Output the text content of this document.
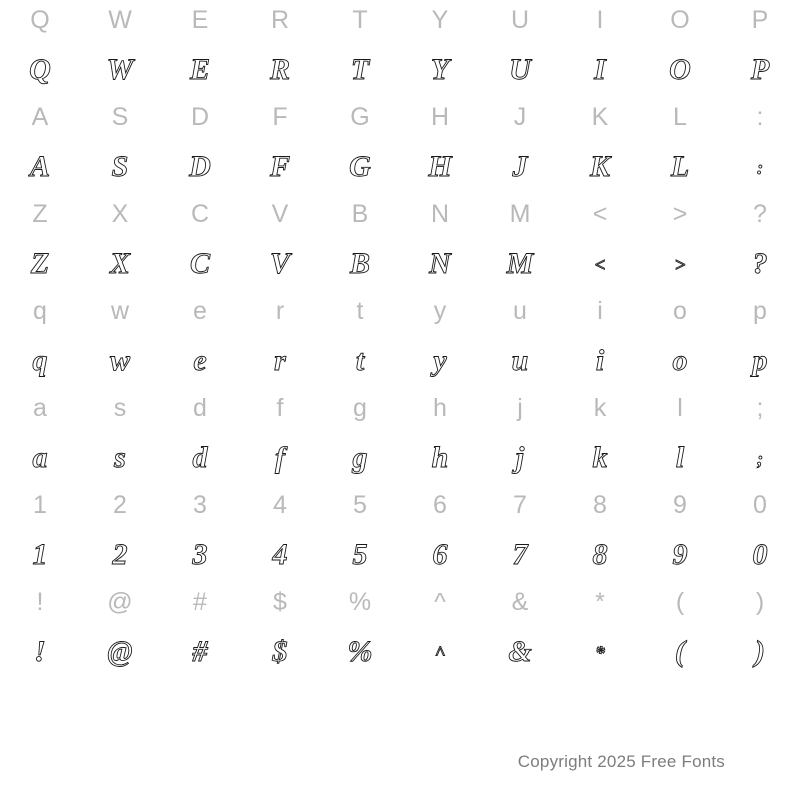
Q
Q
W
W
E
E
R
R
T
T
Y
Y
U
U
I
I
O
O
P
P
A
A
S
S
D
D
F
F
G
G
H
H
J
J
K
K
L
L
:
:
Z
Z
X
X
C
C
V
V
B
B
N
N
M
M
<
<
>
>
?
?
q
q
w
w
e
e
r
r
t
t
y
y
u
u
i
i
o
o
p
p
a
a
s
s
d
d
f
f
g
g
h
h
j
j
k
k
l
l
;
;
1
1
2
2
3
3
4
4
5
5
6
6
7
7
8
8
9
9
0
0
!
!
@
@
#
#
$
$
%
%
^
^
&
&
*
*
(
(
)
)
Copyright 2025 Free Fonts
